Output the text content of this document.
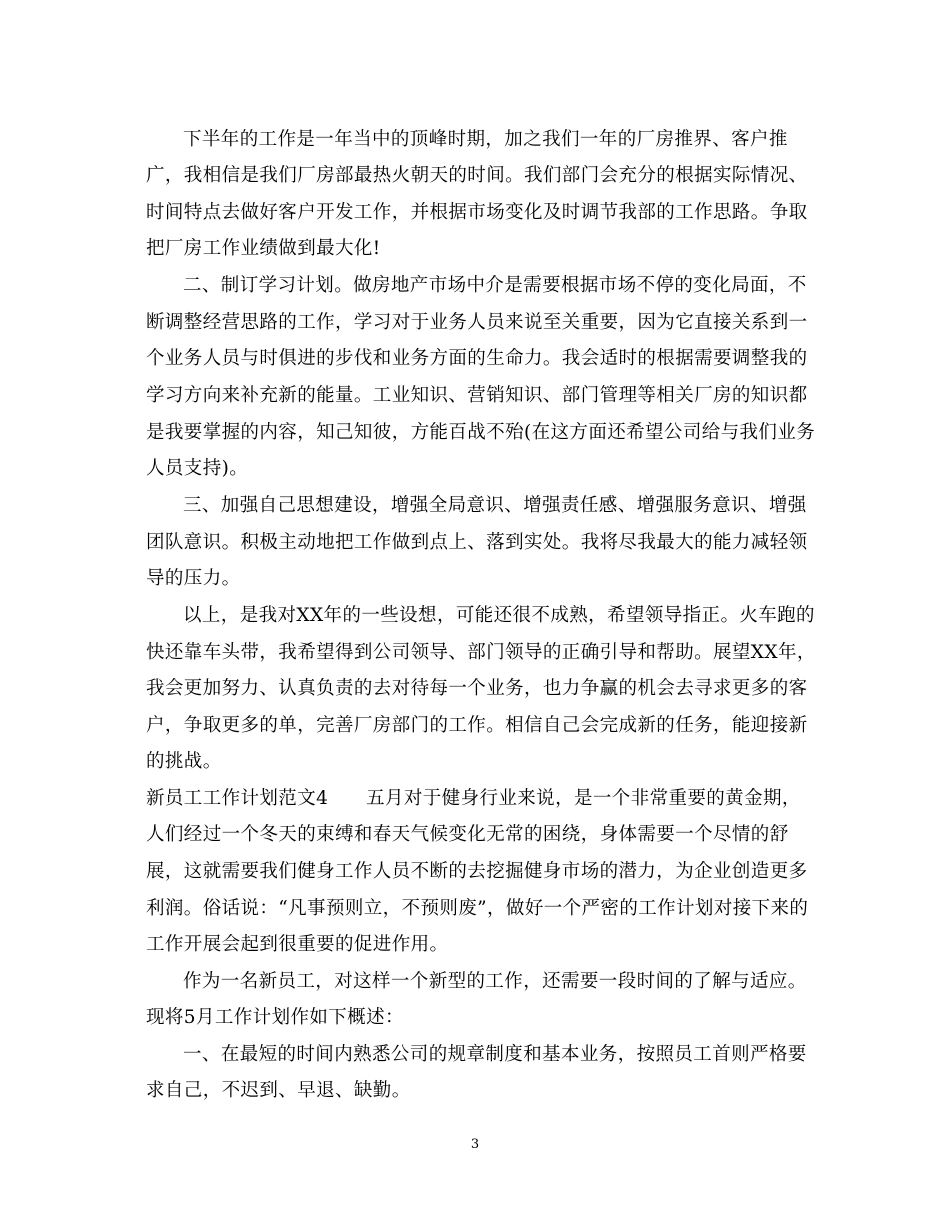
下半年的工作是一年当中的顶峰时期，加之我们一年的厂房推界、客户推
广，我相信是我们厂房部最热火朝天的时间。我们部门会充分的根据实际情况、
时间特点去做好客户开发工作，并根据市场变化及时调节我部的工作思路。争取
把厂房工作业绩做到最大化!
二、制订学习计划。做房地产市场中介是需要根据市场不停的变化局面，不
断调整经营思路的工作，学习对于业务人员来说至关重要，因为它直接关系到一
个业务人员与时俱进的步伐和业务方面的生命力。我会适时的根据需要调整我的
学习方向来补充新的能量。工业知识、营销知识、部门管理等相关厂房的知识都
是我要掌握的内容，知己知彼，方能百战不殆(在这方面还希望公司给与我们业务
人员支持)。
三、加强自己思想建设，增强全局意识、增强责任感、增强服务意识、增强
团队意识。积极主动地把工作做到点上、落到实处。我将尽我最大的能力减轻领
导的压力。
以上，是我对XX年的一些设想，可能还很不成熟，希望领导指正。火车跑的
快还靠车头带，我希望得到公司领导、部门领导的正确引导和帮助。展望XX年，
我会更加努力、认真负责的去对待每一个业务，也力争赢的机会去寻求更多的客
户，争取更多的单，完善厂房部门的工作。相信自己会完成新的任务，能迎接新
的挑战。
新员工工作计划范文4　　五月对于健身行业来说，是一个非常重要的黄金期，
人们经过一个冬天的束缚和春天气候变化无常的困绕，身体需要一个尽情的舒
展，这就需要我们健身工作人员不断的去挖掘健身市场的潜力，为企业创造更多
利润。俗话说：“凡事预则立，不预则废”，做好一个严密的工作计划对接下来的
工作开展会起到很重要的促进作用。
作为一名新员工，对这样一个新型的工作，还需要一段时间的了解与适应。
现将5月工作计划作如下概述：
一、在最短的时间内熟悉公司的规章制度和基本业务，按照员工首则严格要
求自己，不迟到、早退、缺勤。
3
